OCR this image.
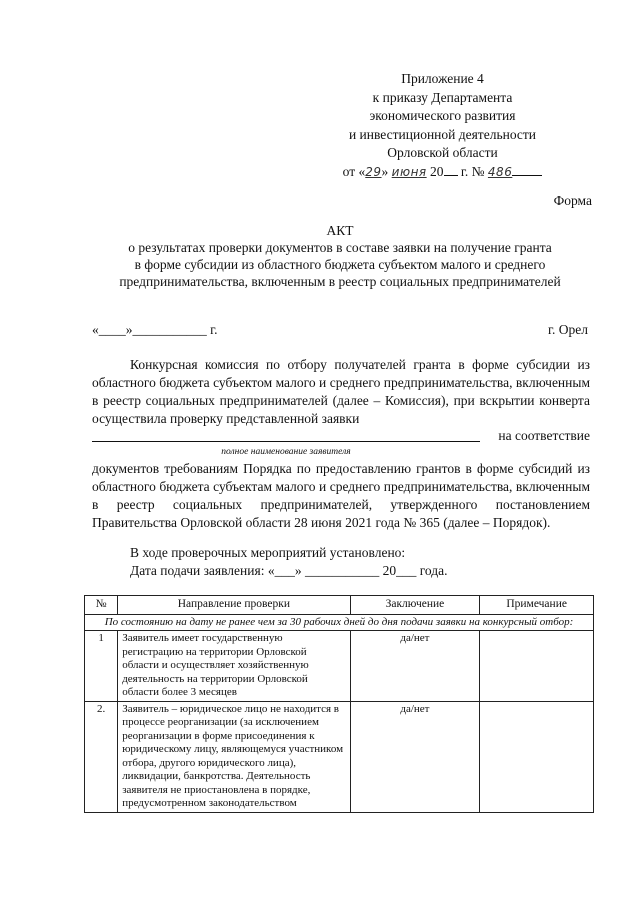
Приложение 4
к приказу Департамента
экономического развития
и инвестиционной деятельности
Орловской области
от «29» июня 20 г. № 486
Форма
АКТ
о результатах проверки документов в составе заявки на получение гранта
в форме субсидии из областного бюджета субъектом малого и среднего
предпринимательства, включенным в реестр социальных предпринимателей
«____»___________ г.	г. Орел
Конкурсная комиссия по отбору получателей гранта в форме субсидии из областного бюджета субъектом малого и среднего предпринимательства, включенным в реестр социальных предпринимателей (далее – Комиссия), при вскрытии конверта осуществила проверку представленной заявки
на соответствие
полное наименование заявителя
документов требованиям Порядка по предоставлению грантов в форме субсидий из областного бюджета субъектам малого и среднего предпринимательства, включенным в реестр социальных предпринимателей, утвержденного постановлением Правительства Орловской области 28 июня 2021 года № 365 (далее – Порядок).
В ходе проверочных мероприятий установлено:
Дата подачи заявления: «___» ___________ 20___ года.
№	Направление проверки	Заключение	Примечание
По состоянию на дату не ранее чем за 30 рабочих дней до дня подачи заявки на конкурсный отбор:			
1	Заявитель имеет государственную регистрацию на территории Орловской области и осуществляет хозяйственную деятельность на территории Орловской области более 3 месяцев	да/нет	
2.	Заявитель – юридическое лицо не находится в процессе реорганизации (за исключением реорганизации в форме присоединения к юридическому лицу, являющемуся участником отбора, другого юридического лица), ликвидации, банкротства. Деятельность заявителя не приостановлена в порядке, предусмотренном законодательством	да/нет	
